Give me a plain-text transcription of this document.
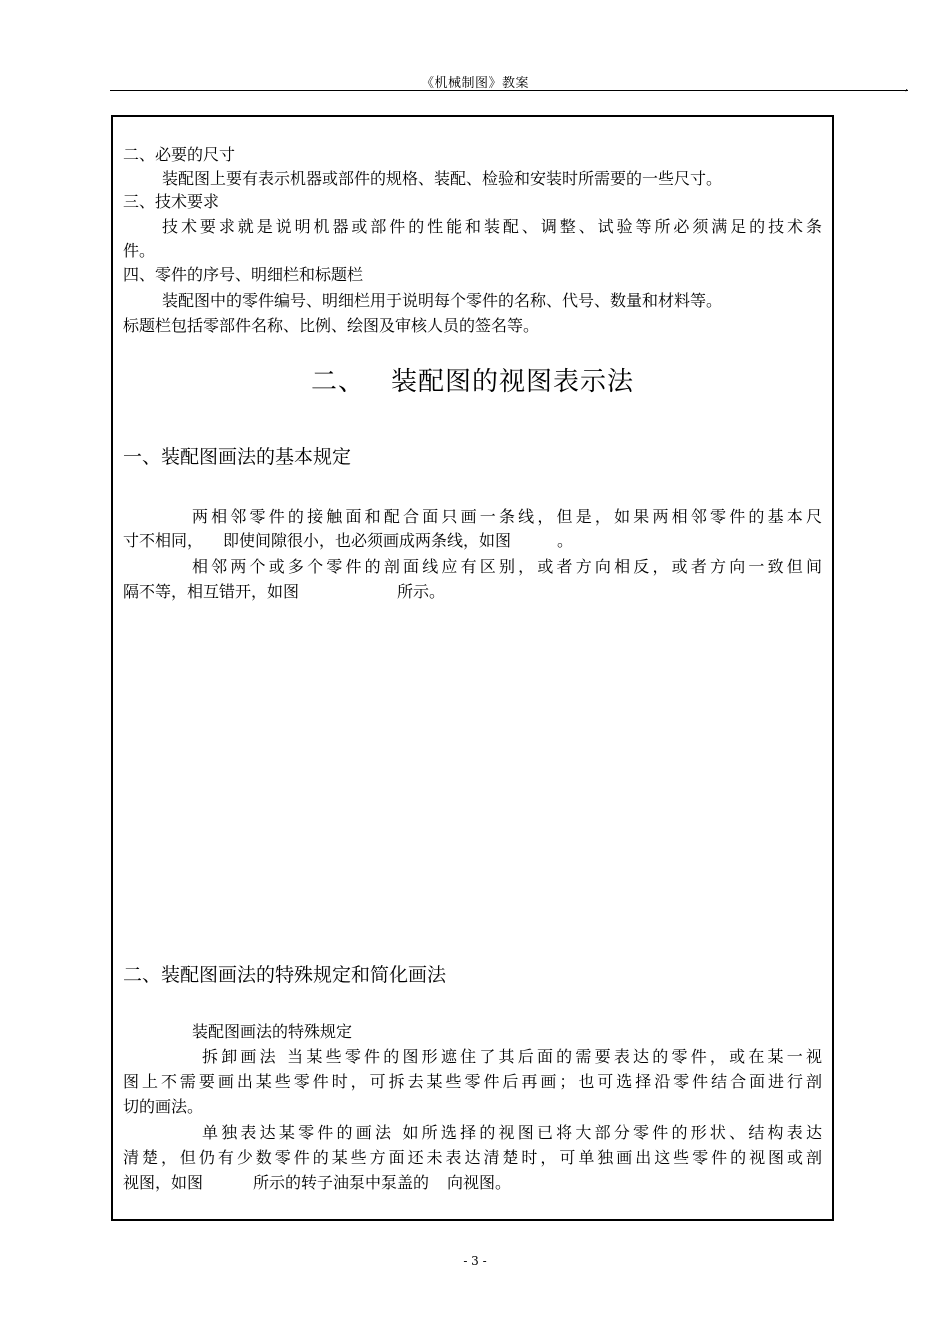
《机械制图》教案	,
二、必要的尺寸
装配图上要有表示机器或部件的规格、装配、检验和安装时所需要的一些尺寸。
三、技术要求
技术要求就是说明机器或部件的性能和装配、调整、试验等所必须满足的技术条
件。
四、零件的序号、明细栏和标题栏
装配图中的零件编号、明细栏用于说明每个零件的名称、代号、数量和材料等。
标题栏包括零部件名称、比例、绘图及审核人员的签名等。
二、 装配图的视图表示法
一、装配图画法的基本规定
两相邻零件的接触面和配合面只画一条线，但是，如果两相邻零件的基本尺
寸不相同， 即使间隙很小，也必须画成两条线，如图	。
相邻两个或多个零件的剖面线应有区别，或者方向相反，或者方向一致但间
隔不等，相互错开，如图	所示。
二、装配图画法的特殊规定和简化画法
装配图画法的特殊规定
拆卸画法 当某些零件的图形遮住了其后面的需要表达的零件，或在某一视
图上不需要画出某些零件时，可拆去某些零件后再画；也可选择沿零件结合面进行剖
切的画法。
单独表达某零件的画法 如所选择的视图已将大部分零件的形状、结构表达
清楚，但仍有少数零件的某些方面还未表达清楚时，可单独画出这些零件的视图或剖
视图，如图	所示的转子油泵中泵盖的 向视图。
- 3 -
